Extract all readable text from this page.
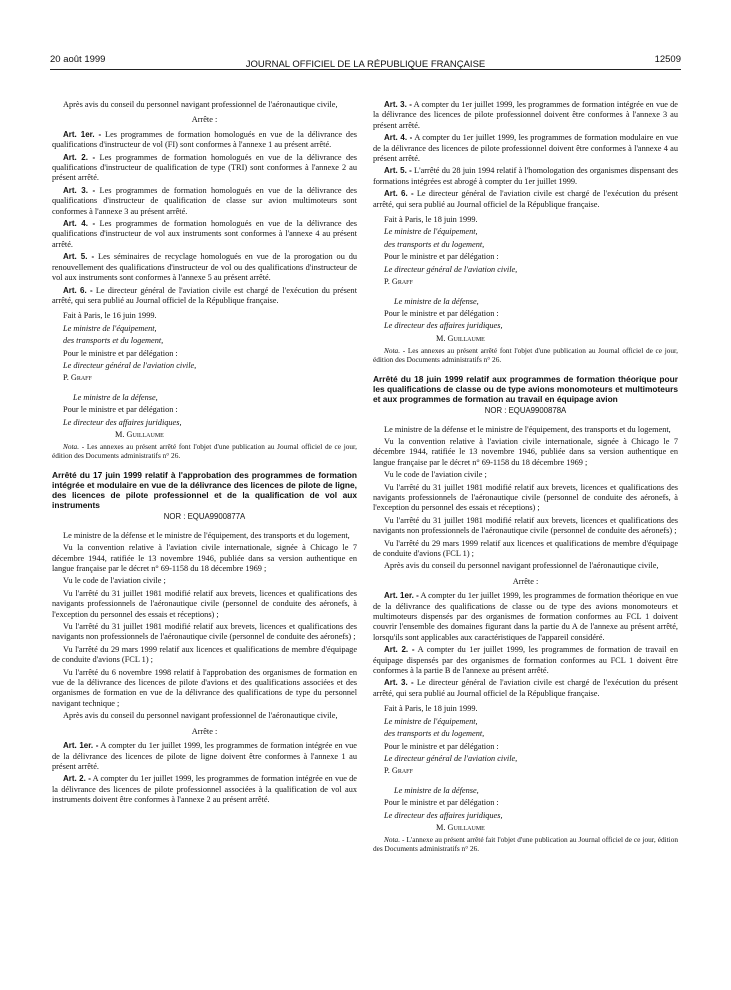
20 août 1999	JOURNAL OFFICIEL DE LA RÉPUBLIQUE FRANÇAISE	12509

Après avis du conseil du personnel navigant professionnel de l'aéronautique civile,

Arrête :

Art. 1er. - Les programmes de formation homologués en vue de la délivrance des qualifications d'instructeur de vol (FI) sont conformes à l'annexe 1 au présent arrêté.

Art. 2. - Les programmes de formation homologués en vue de la délivrance des qualifications d'instructeur de qualification de type (TRI) sont conformes à l'annexe 2 au présent arrêté.

Art. 3. - Les programmes de formation homologués en vue de la délivrance des qualifications d'instructeur de qualification de classe sur avion multimoteurs sont conformes à l'annexe 3 au présent arrêté.

Art. 4. - Les programmes de formation homologués en vue de la délivrance des qualifications d'instructeur de vol aux instruments sont conformes à l'annexe 4 au présent arrêté.

Art. 5. - Les séminaires de recyclage homologués en vue de la prorogation ou du renouvellement des qualifications d'instructeur de vol ou des qualifications d'instructeur de vol aux instruments sont conformes à l'annexe 5 au présent arrêté.

Art. 6. - Le directeur général de l'aviation civile est chargé de l'exécution du présent arrêté, qui sera publié au Journal officiel de la République française.

Fait à Paris, le 16 juin 1999.

Le ministre de l'équipement,

des transports et du logement,

Pour le ministre et par délégation :

Le directeur général de l'aviation civile,

P. Graff

Le ministre de la défense,

Pour le ministre et par délégation :

Le directeur des affaires juridiques,

M. Guillaume

Nota. - Les annexes au présent arrêté font l'objet d'une publication au Journal officiel de ce jour, édition des Documents administratifs n° 26.

Arrêté du 17 juin 1999 relatif à l'approbation des programmes de formation intégrée et modulaire en vue de la délivrance des licences de pilote de ligne, des licences de pilote professionnel et de la qualification de vol aux instruments
NOR : EQUA9900877A

Le ministre de la défense et le ministre de l'équipement, des transports et du logement,

Vu la convention relative à l'aviation civile internationale, signée à Chicago le 7 décembre 1944, ratifiée le 13 novembre 1946, publiée dans sa version authentique en langue française par le décret n° 69-1158 du 18 décembre 1969 ;

Vu le code de l'aviation civile ;

Vu l'arrêté du 31 juillet 1981 modifié relatif aux brevets, licences et qualifications des navigants professionnels de l'aéronautique civile (personnel de conduite des aéronefs, à l'exception du personnel des essais et réceptions) ;

Vu l'arrêté du 31 juillet 1981 modifié relatif aux brevets, licences et qualifications des navigants non professionnels de l'aéronautique civile (personnel de conduite des aéronefs) ;

Vu l'arrêté du 29 mars 1999 relatif aux licences et qualifications de membre d'équipage de conduite d'avions (FCL 1) ;

Vu l'arrêté du 6 novembre 1998 relatif à l'approbation des organismes de formation en vue de la délivrance des licences de pilote d'avions et des qualifications associées et des organismes de formation en vue de la délivrance des qualifications de type du personnel navigant technique ;

Après avis du conseil du personnel navigant professionnel de l'aéronautique civile,

Arrête :

Art. 1er. - A compter du 1er juillet 1999, les programmes de formation intégrée en vue de la délivrance des licences de pilote de ligne doivent être conformes à l'annexe 1 au présent arrêté.

Art. 2. - A compter du 1er juillet 1999, les programmes de formation intégrée en vue de la délivrance des licences de pilote professionnel associées à la qualification de vol aux instruments doivent être conformes à l'annexe 2 au présent arrêté.

Art. 3. - A compter du 1er juillet 1999, les programmes de formation intégrée en vue de la délivrance des licences de pilote professionnel doivent être conformes à l'annexe 3 au présent arrêté.

Art. 4. - A compter du 1er juillet 1999, les programmes de formation modulaire en vue de la délivrance des licences de pilote professionnel doivent être conformes à l'annexe 4 au présent arrêté.

Art. 5. - L'arrêté du 28 juin 1994 relatif à l'homologation des organismes dispensant des formations intégrées est abrogé à compter du 1er juillet 1999.

Art. 6. - Le directeur général de l'aviation civile est chargé de l'exécution du présent arrêté, qui sera publié au Journal officiel de la République française.

Fait à Paris, le 18 juin 1999.

Le ministre de l'équipement,

des transports et du logement,

Pour le ministre et par délégation :

Le directeur général de l'aviation civile,

P. Graff

Le ministre de la défense,

Pour le ministre et par délégation :

Le directeur des affaires juridiques,

M. Guillaume

Nota. - Les annexes au présent arrêté font l'objet d'une publication au Journal officiel de ce jour, édition des Documents administratifs n° 26.

Arrêté du 18 juin 1999 relatif aux programmes de formation théorique pour les qualifications de classe ou de type avions monomoteurs et multimoteurs et aux programmes de formation au travail en équipage avion
NOR : EQUA9900878A

Le ministre de la défense et le ministre de l'équipement, des transports et du logement,

Vu la convention relative à l'aviation civile internationale, signée à Chicago le 7 décembre 1944, ratifiée le 13 novembre 1946, publiée dans sa version authentique en langue française par le décret n° 69-1158 du 18 décembre 1969 ;

Vu le code de l'aviation civile ;

Vu l'arrêté du 31 juillet 1981 modifié relatif aux brevets, licences et qualifications des navigants professionnels de l'aéronautique civile (personnel de conduite des aéronefs, à l'exception du personnel des essais et réceptions) ;

Vu l'arrêté du 31 juillet 1981 modifié relatif aux brevets, licences et qualifications des navigants non professionnels de l'aéronautique civile (personnel de conduite des aéronefs) ;

Vu l'arrêté du 29 mars 1999 relatif aux licences et qualifications de membre d'équipage de conduite d'avions (FCL 1) ;

Après avis du conseil du personnel navigant professionnel de l'aéronautique civile,

Arrête :

Art. 1er. - A compter du 1er juillet 1999, les programmes de formation théorique en vue de la délivrance des qualifications de classe ou de type des avions monomoteurs et multimoteurs dispensés par des organismes de formation conformes au FCL 1 doivent couvrir l'ensemble des domaines figurant dans la partie du A de l'annexe au présent arrêté, lorsqu'ils sont applicables aux caractéristiques de l'appareil considéré.

Art. 2. - A compter du 1er juillet 1999, les programmes de formation de travail en équipage dispensés par des organismes de formation conformes au FCL 1 doivent être conformes à la partie B de l'annexe au présent arrêté.

Art. 3. - Le directeur général de l'aviation civile est chargé de l'exécution du présent arrêté, qui sera publié au Journal officiel de la République française.

Fait à Paris, le 18 juin 1999.

Le ministre de l'équipement,

des transports et du logement,

Pour le ministre et par délégation :

Le directeur général de l'aviation civile,

P. Graff

Le ministre de la défense,

Pour le ministre et par délégation :

Le directeur des affaires juridiques,

M. Guillaume

Nota. - L'annexe au présent arrêté fait l'objet d'une publication au Journal officiel de ce jour, édition des Documents administratifs n° 26.
